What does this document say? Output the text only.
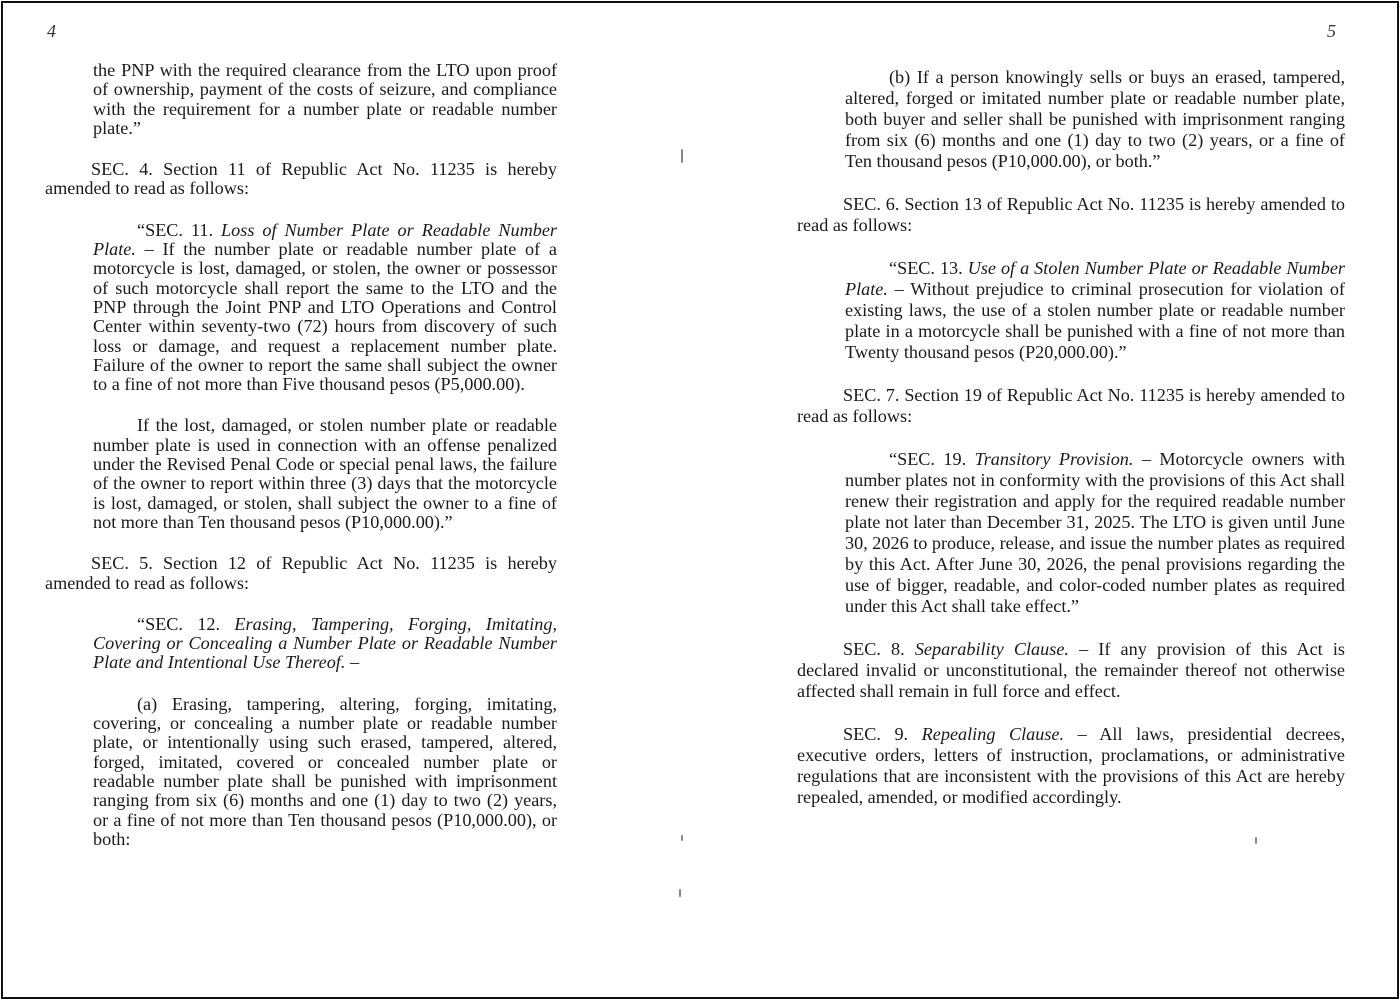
4

the PNP with the required clearance from the LTO upon proof of ownership, payment of the costs of seizure, and compliance with the requirement for a number plate or readable number plate.”

SEC. 4. Section 11 of Republic Act No. 11235 is hereby amended to read as follows:

“SEC. 11. Loss of Number Plate or Readable Number Plate. – If the number plate or readable number plate of a motorcycle is lost, damaged, or stolen, the owner or possessor of such motorcycle shall report the same to the LTO and the PNP through the Joint PNP and LTO Operations and Control Center within seventy-two (72) hours from discovery of such loss or damage, and request a replacement number plate. Failure of the owner to report the same shall subject the owner to a fine of not more than Five thousand pesos (P5,000.00).

If the lost, damaged, or stolen number plate or readable number plate is used in connection with an offense penalized under the Revised Penal Code or special penal laws, the failure of the owner to report within three (3) days that the motorcycle is lost, damaged, or stolen, shall subject the owner to a fine of not more than Ten thousand pesos (P10,000.00).”

SEC. 5. Section 12 of Republic Act No. 11235 is hereby amended to read as follows:

“SEC. 12. Erasing, Tampering, Forging, Imitating, Covering or Concealing a Number Plate or Readable Number Plate and Intentional Use Thereof. –

(a) Erasing, tampering, altering, forging, imitating, covering, or concealing a number plate or readable number plate, or intentionally using such erased, tampered, altered, forged, imitated, covered or concealed number plate or readable number plate shall be punished with imprisonment ranging from six (6) months and one (1) day to two (2) years, or a fine of not more than Ten thousand pesos (P10,000.00), or both:

5

(b) If a person knowingly sells or buys an erased, tampered, altered, forged or imitated number plate or readable number plate, both buyer and seller shall be punished with imprisonment ranging from six (6) months and one (1) day to two (2) years, or a fine of Ten thousand pesos (P10,000.00), or both.”

SEC. 6. Section 13 of Republic Act No. 11235 is hereby amended to read as follows:

“SEC. 13. Use of a Stolen Number Plate or Readable Number Plate. – Without prejudice to criminal prosecution for violation of existing laws, the use of a stolen number plate or readable number plate in a motorcycle shall be punished with a fine of not more than Twenty thousand pesos (P20,000.00).”

SEC. 7. Section 19 of Republic Act No. 11235 is hereby amended to read as follows:

“SEC. 19. Transitory Provision. – Motorcycle owners with number plates not in conformity with the provisions of this Act shall renew their registration and apply for the required readable number plate not later than December 31, 2025. The LTO is given until June 30, 2026 to produce, release, and issue the number plates as required by this Act. After June 30, 2026, the penal provisions regarding the use of bigger, readable, and color-coded number plates as required under this Act shall take effect.”

SEC. 8. Separability Clause. – If any provision of this Act is declared invalid or unconstitutional, the remainder thereof not otherwise affected shall remain in full force and effect.

SEC. 9. Repealing Clause. – All laws, presidential decrees, executive orders, letters of instruction, proclamations, or administrative regulations that are inconsistent with the provisions of this Act are hereby repealed, amended, or modified accordingly.
